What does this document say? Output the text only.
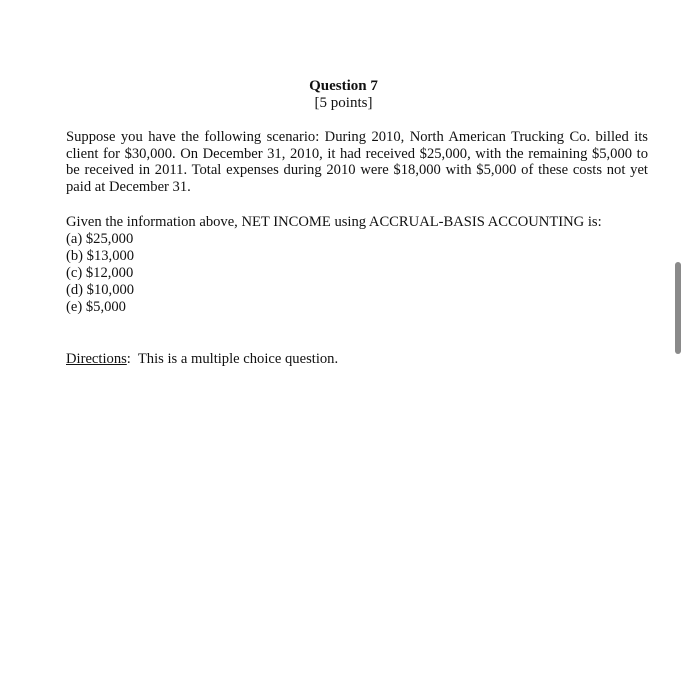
Question 7
[5 points]
Suppose you have the following scenario: During 2010, North American Trucking Co. billed its
client for $30,000. On December 31, 2010, it had received $25,000, with the remaining $5,000 to
be received in 2011. Total expenses during 2010 were $18,000 with $5,000 of these costs not yet
paid at December 31.
Given the information above, NET INCOME using ACCRUAL-BASIS ACCOUNTING is:
(a) $25,000
(b) $13,000
(c) $12,000
(d) $10,000
(e) $5,000
Directions:  This is a multiple choice question.
